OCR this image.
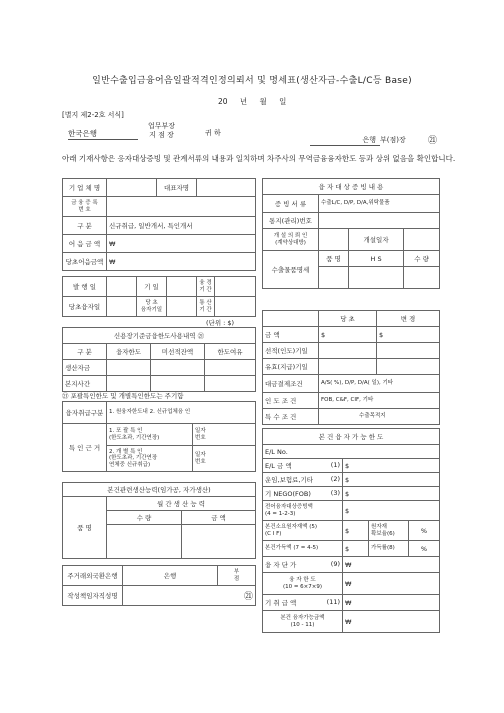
일반수출입금융어음일괄적격인정의뢰서 및 명세표(생산자금-수출L/C등 Base)
20 년 월 일
[별지 제2-2호 서식]
한국은행
업무부장
지 점 장	귀 하
은행 부(점)장 ㉑
아래 기재사항은 응자대상증빙 및 관계서류의 내용과 일치하며 차주사의 무역금융융자한도 등과 상위 없음을 확인합니다.
기 업 체 명		대표자명	
금 융 증 록
번 호			
구 분	신규취급, 일반개서, 특인개서		
어 음 금 액	₩		
당초어음금액	₩		
발 행 일		기 일		융 경
기 간	
당초융자일		당 초
융자기일		통 산
기 간	
(단위 : $)
신용장기준금융한도사용내역 ㉑			
구 분	융자한도	미선적잔액	한도여유
생산자금			
본지사간			
㉑ 포괄특인한도 및 개별특인한도는 주기함
융자취급구분	1. 원융자한도내 2. 신규업체융 인	
특 인 근 거	1. 포 괄 특 인
(한도초과, 기간연장)	일자
번호
	2. 개 별 특 인
(한도초과, 기간연장
연체중 신규취급)	일자
번호
본건관련생산능력(임가공, 자가생산)		
품 명	월 간 생 산 능 력	
	수 량	금 액

주거래외국환은행	은행	부
점
작성책임자직성명	㉑	
융 자 대 상 증 빙 내 용			
증 빙 서 류	수출L/C, D/P, D/A,위탁물품		
통지(관리)번호			
개 설 의 뢰 인
(계약상대방)		개설일자	
수출물품명세	품 명	H S	수 량

	당 초	변 경
금 액	$	$
선적(인도)기일		
유효(지급)기일		
대금결제조건	A/S( %), D/P, D/A( 일), 기타	
인 도 조 건	FOB, C&F, CIF, 기타	
특 수 조 건	수출목적지	
본 건 융 자 가 능 한 도			
E/L No.			
E/L 금 액 (1)	$		
운임,보험료,기타 (2)	$		
기 NEGO(FOB) (3)	$		
전어융자대상증빙액
(4 = 1-2-3)	$		
본건소요원자재액 (5)
(C I F)	$	원자재
확보율(6)	%
본건가득액 (7 = 4-5)	$	가득률(8)	%
융 자 단 가 (9)	₩		
융 자 한 도
(10 = 6×7×9)	₩		
기 취 급 액 (11)	₩		
본건 융자가능금액
(10 - 11)	₩		
